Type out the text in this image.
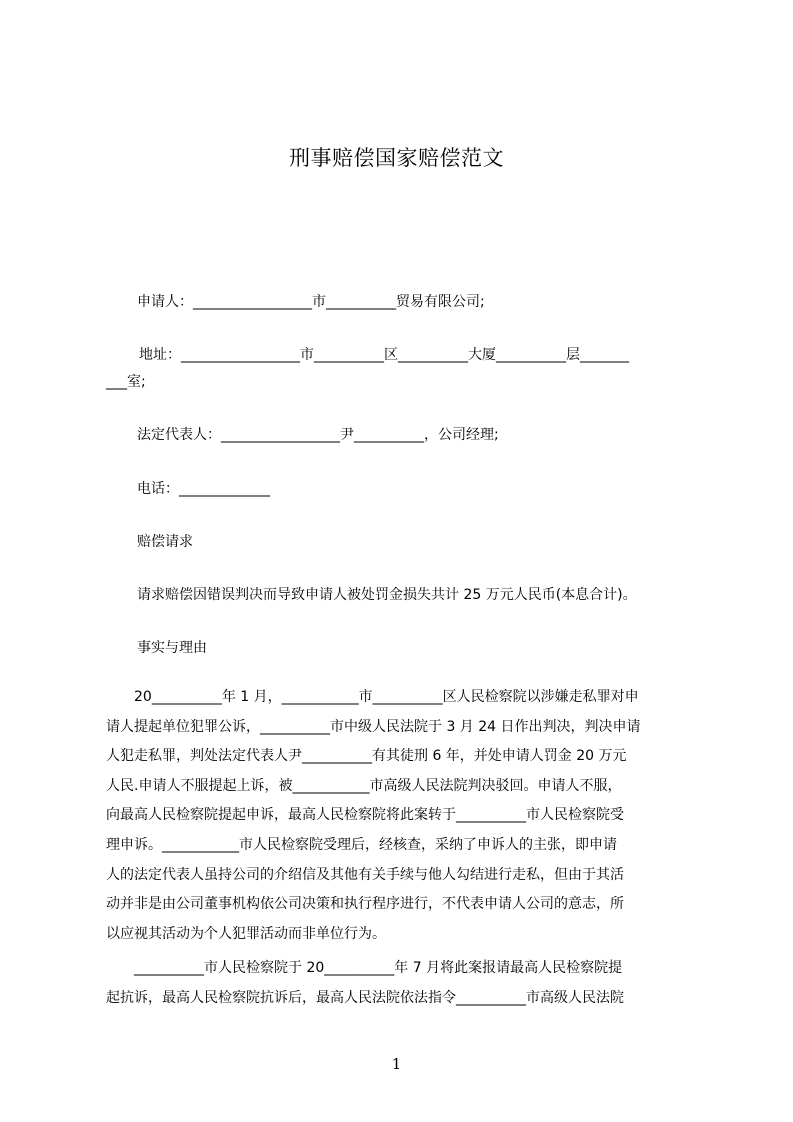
刑事赔偿国家赔偿范文
申请人：_________________市__________贸易有限公司;
地址：_________________市__________区__________大厦__________层_______
___室;
法定代表人：_________________尹__________，公司经理;
电话：_____________
赔偿请求
请求赔偿因错误判决而导致申请人被处罚金损失共计 25 万元人民币(本息合计)。
事实与理由
　　20__________年 1 月，___________市__________区人民检察院以涉嫌走私罪对申
请人提起单位犯罪公诉，__________市中级人民法院于 3 月 24 日作出判决，判决申请
人犯走私罪，判处法定代表人尹__________有其徒刑 6 年，并处申请人罚金 20 万元
人民.申请人不服提起上诉，被___________市高级人民法院判决驳回。申请人不服，
向最高人民检察院提起申诉，最高人民检察院将此案转于__________市人民检察院受
理申诉。___________市人民检察院受理后，经核查，采纳了申诉人的主张，即申请
人的法定代表人虽持公司的介绍信及其他有关手续与他人勾结进行走私，但由于其活
动并非是由公司董事机构依公司决策和执行程序进行，不代表申请人公司的意志，所
以应视其活动为个人犯罪活动而非单位行为。
　　__________市人民检察院于 20__________年 7 月将此案报请最高人民检察院提
起抗诉，最高人民检察院抗诉后，最高人民法院依法指令__________市高级人民法院
1
